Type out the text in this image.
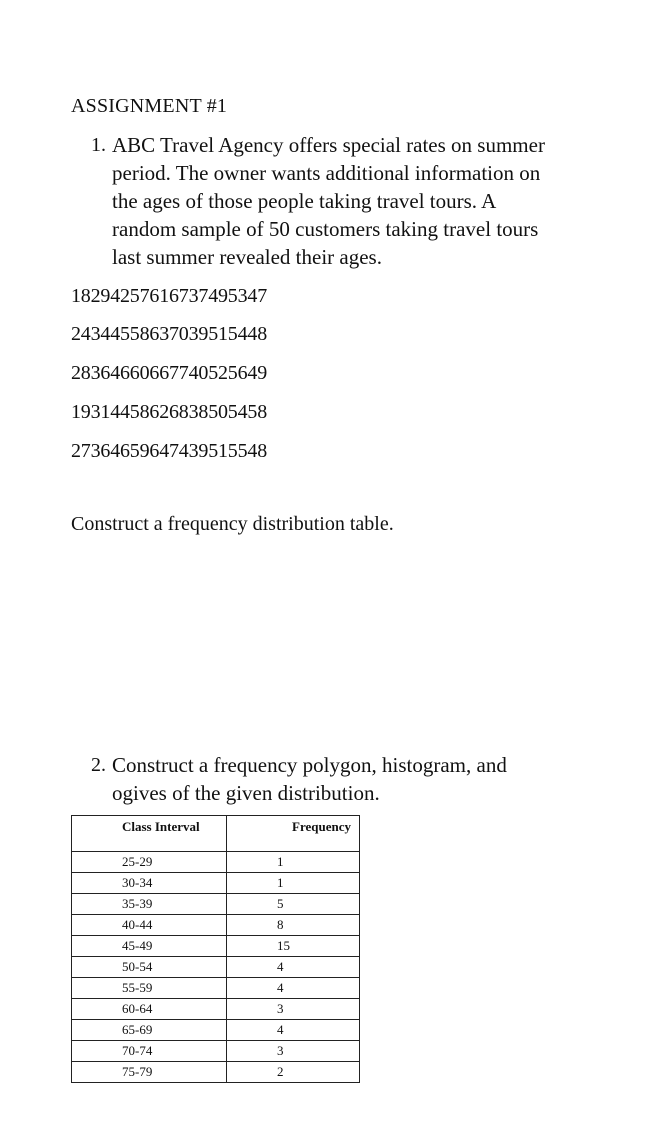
ASSIGNMENT #1
1. ABC Travel Agency offers special rates on summer
period. The owner wants additional information on
the ages of those people taking travel tours. A
random sample of 50 customers taking travel tours
last summer revealed their ages.

18294257616737495347
24344558637039515448
28364660667740525649
19314458626838505458
27364659647439515548
Construct a frequency distribution table.
2. Construct a frequency polygon, histogram, and
ogives of the given distribution.

Class Interval	Frequency
25-29	1
30-34	1
35-39	5
40-44	8
45-49	15
50-54	4
55-59	4
60-64	3
65-69	4
70-74	3
75-79	2
